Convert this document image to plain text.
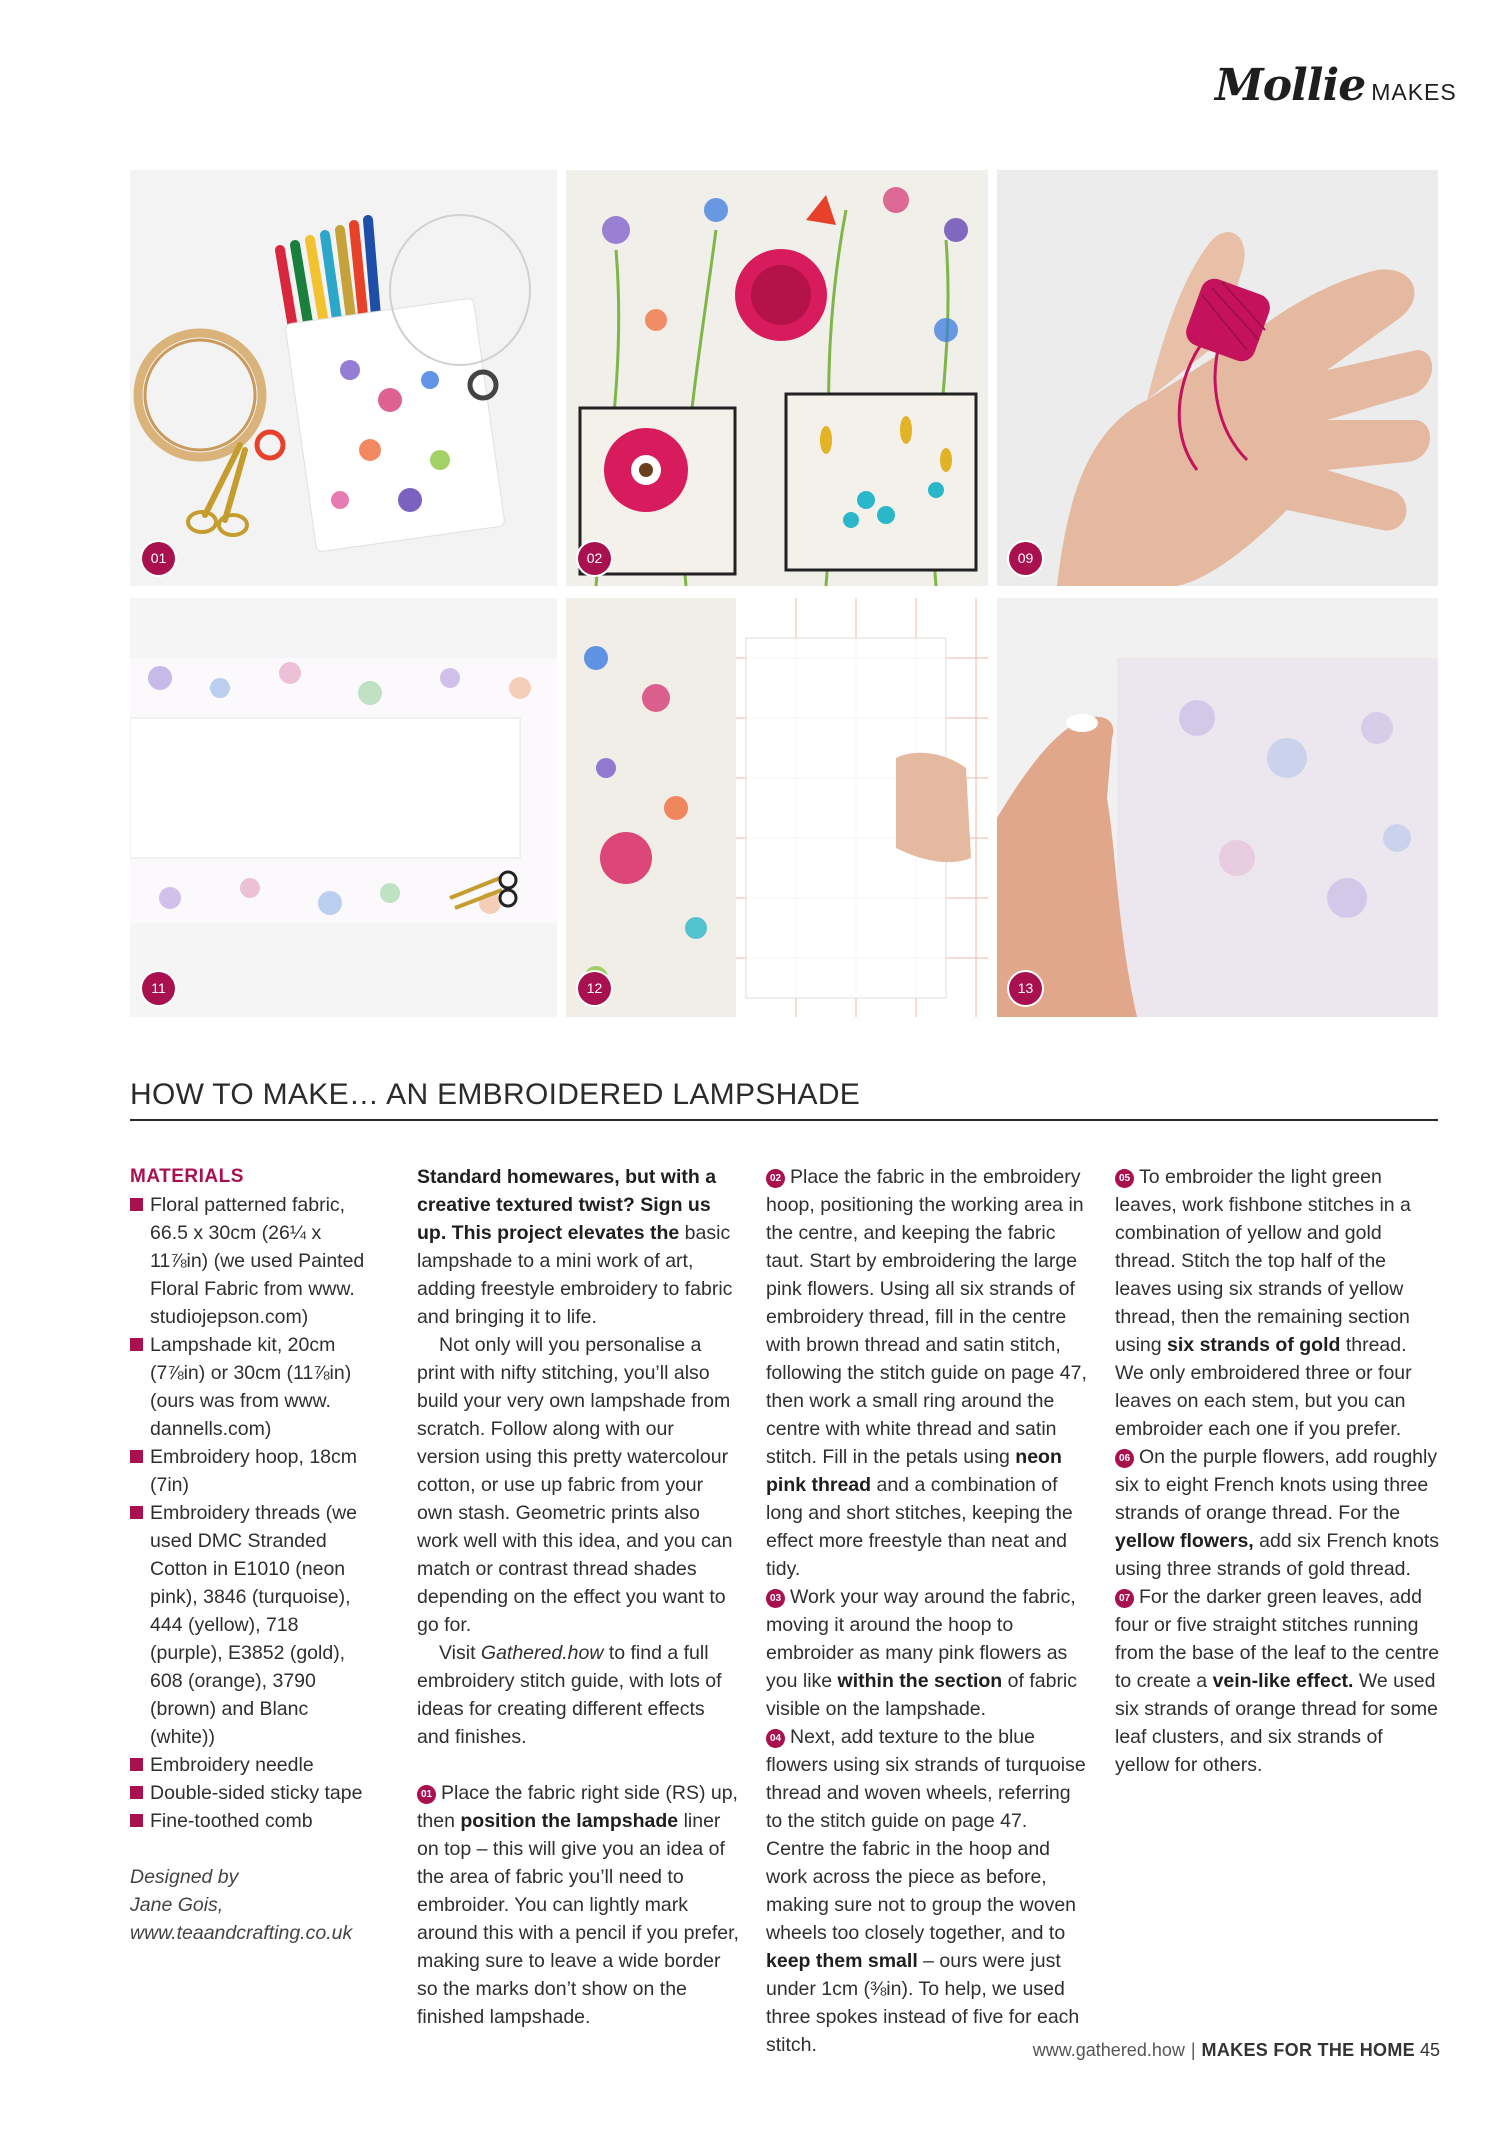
Mollie MAKES
01	02	09
11	12	13
HOW TO MAKE… AN EMBROIDERED LAMPSHADE
MATERIALS
Floral patterned fabric, 66.5 x 30cm (26¼ x 11⅞in) (we used Painted Floral Fabric from www. studiojepson.com)
Lampshade kit, 20cm (7⅞in) or 30cm (11⅞in) (ours was from www. dannells.com)
Embroidery hoop, 18cm (7in)
Embroidery threads (we used DMC Stranded Cotton in E1010 (neon pink), 3846 (turquoise), 444 (yellow), 718 (purple), E3852 (gold), 608 (orange), 3790 (brown) and Blanc (white))
Embroidery needle
Double-sided sticky tape
Fine-toothed comb
Designed by
Jane Gois,
www.teaandcrafting.co.uk

Standard homewares, but with a creative textured twist? Sign us up. This project elevates the basic lampshade to a mini work of art, adding freestyle embroidery to fabric and bringing it to life.

Not only will you personalise a print with nifty stitching, you’ll also build your very own lampshade from scratch. Follow along with our version using this pretty watercolour cotton, or use up fabric from your own stash. Geometric prints also work well with this idea, and you can match or contrast thread shades depending on the effect you want to go for.

Visit Gathered.how to find a full embroidery stitch guide, with lots of ideas for creating different effects and finishes.

01 Place the fabric right side (RS) up, then position the lampshade liner on top – this will give you an idea of the area of fabric you’ll need to embroider. You can lightly mark around this with a pencil if you prefer, making sure to leave a wide border so the marks don’t show on the finished lampshade.

02 Place the fabric in the embroidery hoop, positioning the working area in the centre, and keeping the fabric taut. Start by embroidering the large pink flowers. Using all six strands of embroidery thread, fill in the centre with brown thread and satin stitch, following the stitch guide on page 47, then work a small ring around the centre with white thread and satin stitch. Fill in the petals using neon pink thread and a combination of long and short stitches, keeping the effect more freestyle than neat and tidy.

03 Work your way around the fabric, moving it around the hoop to embroider as many pink flowers as you like within the section of fabric visible on the lampshade.

04 Next, add texture to the blue flowers using six strands of turquoise thread and woven wheels, referring to the stitch guide on page 47. Centre the fabric in the hoop and work across the piece as before, making sure not to group the woven wheels too closely together, and to keep them small – ours were just under 1cm (⅜in). To help, we used three spokes instead of five for each stitch.

05 To embroider the light green leaves, work fishbone stitches in a combination of yellow and gold thread. Stitch the top half of the leaves using six strands of yellow thread, then the remaining section using six strands of gold thread. We only embroidered three or four leaves on each stem, but you can embroider each one if you prefer.

06 On the purple flowers, add roughly six to eight French knots using three strands of orange thread. For the yellow flowers, add six French knots using three strands of gold thread.

07 For the darker green leaves, add four or five straight stitches running from the base of the leaf to the centre to create a vein-like effect. We used six strands of orange thread for some leaf clusters, and six strands of yellow for others.

www.gathered.how | MAKES FOR THE HOME 45
